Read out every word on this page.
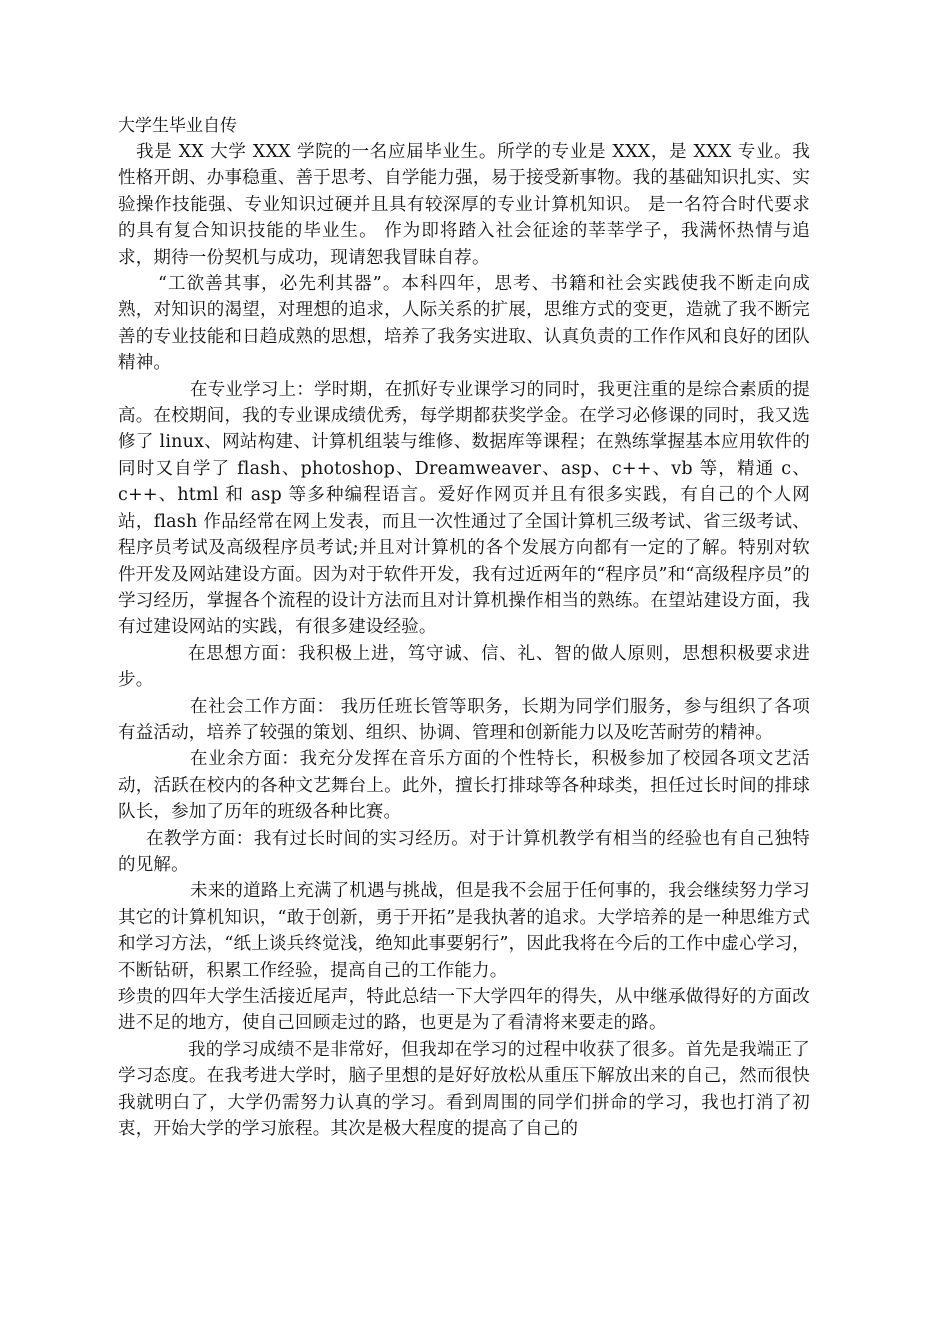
大学生毕业自传

我是 XX 大学 XXX 学院的一名应届毕业生。所学的专业是 XXX，是 XXX 专业。我性格开朗、办事稳重、善于思考、自学能力强，易于接受新事物。我的基础知识扎实、实验操作技能强、专业知识过硬并且具有较深厚的专业计算机知识。 是一名符合时代要求的具有复合知识技能的毕业生。 作为即将踏入社会征途的莘莘学子，我满怀热情与追求，期待一份契机与成功，现请恕我冒昧自荐。

“工欲善其事，必先利其器”。本科四年，思考、书籍和社会实践使我不断走向成熟，对知识的渴望，对理想的追求，人际关系的扩展，思维方式的变更，造就了我不断完善的专业技能和日趋成熟的思想，培养了我务实进取、认真负责的工作作风和良好的团队精神。

在专业学习上：学时期，在抓好专业课学习的同时，我更注重的是综合素质的提高。在校期间，我的专业课成绩优秀，每学期都获奖学金。在学习必修课的同时，我又选修了 linux、网站构建、计算机组装与维修、数据库等课程；在熟练掌握基本应用软件的同时又自学了 flash、photoshop、Dreamweaver、asp、c++、vb 等，精通 c、c++、html 和 asp 等多种编程语言。爱好作网页并且有很多实践，有自己的个人网站，flash 作品经常在网上发表，而且一次性通过了全国计算机三级考试、省三级考试、程序员考试及高级程序员考试;并且对计算机的各个发展方向都有一定的了解。特别对软件开发及网站建设方面。因为对于软件开发，我有过近两年的“程序员”和“高级程序员”的学习经历，掌握各个流程的设计方法而且对计算机操作相当的熟练。在望站建设方面，我有过建设网站的实践，有很多建设经验。

在思想方面：我积极上进，笃守诚、信、礼、智的做人原则，思想积极要求进步。

在社会工作方面： 我历任班长管等职务，长期为同学们服务，参与组织了各项有益活动，培养了较强的策划、组织、协调、管理和创新能力以及吃苦耐劳的精神。

在业余方面：我充分发挥在音乐方面的个性特长，积极参加了校园各项文艺活动，活跃在校内的各种文艺舞台上。此外，擅长打排球等各种球类，担任过长时间的排球队长，参加了历年的班级各种比赛。

在教学方面：我有过长时间的实习经历。对于计算机教学有相当的经验也有自己独特的见解。

未来的道路上充满了机遇与挑战，但是我不会屈于任何事的，我会继续努力学习其它的计算机知识，“敢于创新，勇于开拓”是我执著的追求。大学培养的是一种思维方式和学习方法，“纸上谈兵终觉浅，绝知此事要躬行”，因此我将在今后的工作中虚心学习，不断钻研，积累工作经验，提高自己的工作能力。

珍贵的四年大学生活接近尾声，特此总结一下大学四年的得失，从中继承做得好的方面改进不足的地方，使自己回顾走过的路，也更是为了看清将来要走的路。

我的学习成绩不是非常好，但我却在学习的过程中收获了很多。首先是我端正了学习态度。在我考进大学时，脑子里想的是好好放松从重压下解放出来的自己，然而很快我就明白了，大学仍需努力认真的学习。看到周围的同学们拼命的学习，我也打消了初衷，开始大学的学习旅程。其次是极大程度的提高了自己的
